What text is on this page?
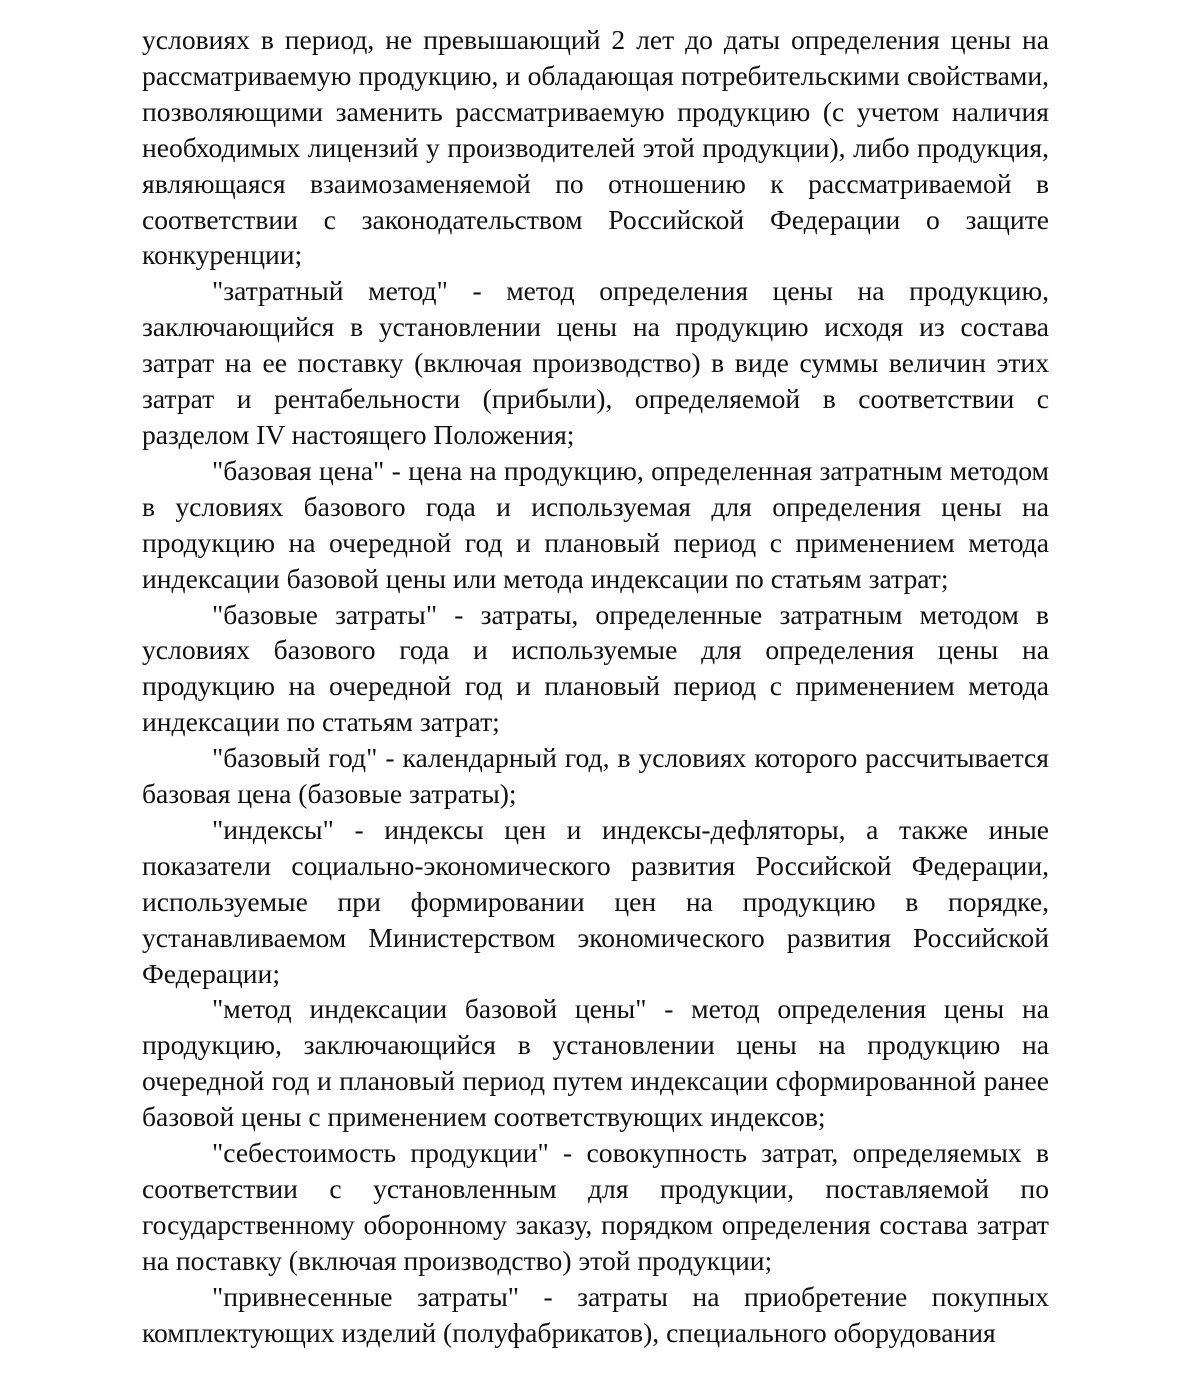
условиях в период, не превышающий 2 лет до даты определения цены на рассматриваемую продукцию, и обладающая потребительскими свойствами, позволяющими заменить рассматриваемую продукцию (с учетом наличия необходимых лицензий у производителей этой продукции), либо продукция, являющаяся взаимозаменяемой по отношению к рассматриваемой в соответствии с законодательством Российской Федерации о защите конкуренции;

"затратный метод" - метод определения цены на продукцию, заключающийся в установлении цены на продукцию исходя из состава затрат на ее поставку (включая производство) в виде суммы величин этих затрат и рентабельности (прибыли), определяемой в соответствии с разделом IV настоящего Положения;

"базовая цена" - цена на продукцию, определенная затратным методом в условиях базового года и используемая для определения цены на продукцию на очередной год и плановый период с применением метода индексации базовой цены или метода индексации по статьям затрат;

"базовые затраты" - затраты, определенные затратным методом в условиях базового года и используемые для определения цены на продукцию на очередной год и плановый период с применением метода индексации по статьям затрат;

"базовый год" - календарный год, в условиях которого рассчитывается базовая цена (базовые затраты);

"индексы" - индексы цен и индексы-дефляторы, а также иные показатели социально-экономического развития Российской Федерации, используемые при формировании цен на продукцию в порядке, устанавливаемом Министерством экономического развития Российской Федерации;

"метод индексации базовой цены" - метод определения цены на продукцию, заключающийся в установлении цены на продукцию на очередной год и плановый период путем индексации сформированной ранее базовой цены с применением соответствующих индексов;

"себестоимость продукции" - совокупность затрат, определяемых в соответствии с установленным для продукции, поставляемой по государственному оборонному заказу, порядком определения состава затрат на поставку (включая производство) этой продукции;

"привнесенные затраты" - затраты на приобретение покупных комплектующих изделий (полуфабрикатов), специального оборудования
